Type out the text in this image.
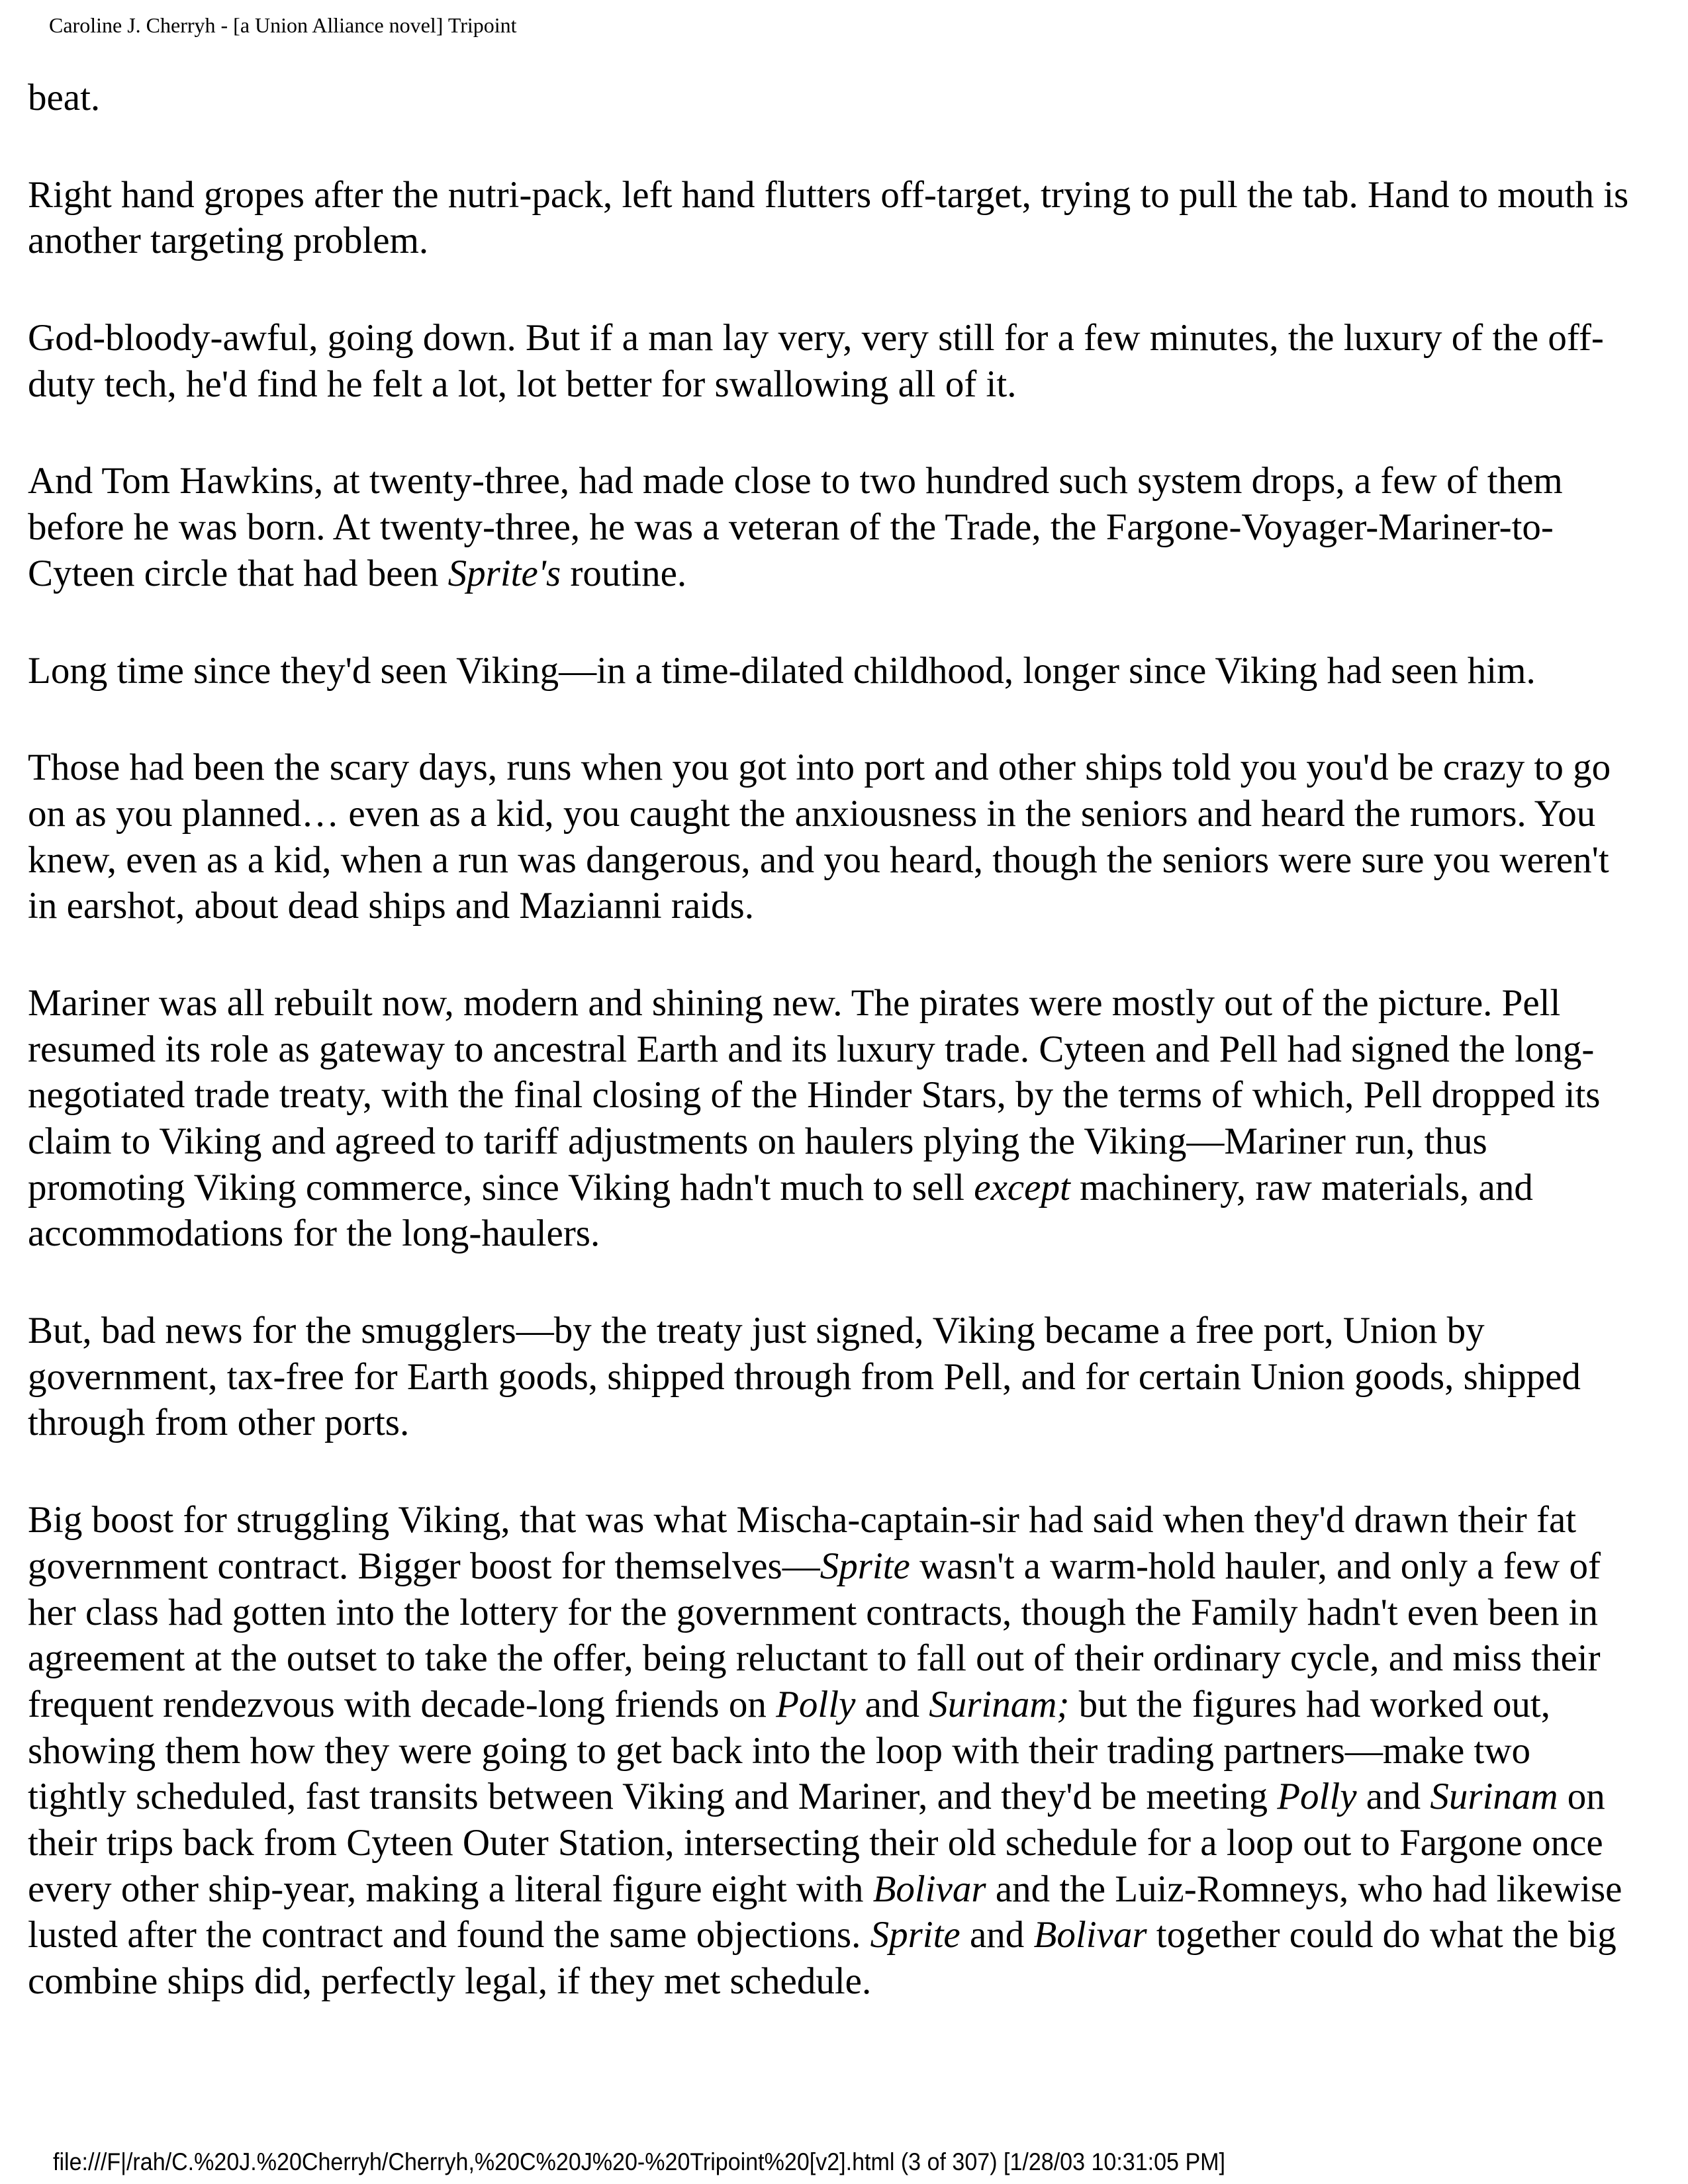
Caroline J. Cherryh - [a Union Alliance novel] Tripoint

beat.

Right hand gropes after the nutri-pack, left hand flutters off-target, trying to pull the tab. Hand to mouth is
another targeting problem.

God-bloody-awful, going down. But if a man lay very, very still for a few minutes, the luxury of the off-
duty tech, he'd find he felt a lot, lot better for swallowing all of it.

And Tom Hawkins, at twenty-three, had made close to two hundred such system drops, a few of them
before he was born. At twenty-three, he was a veteran of the Trade, the Fargone-Voyager-Mariner-to-
Cyteen circle that had been Sprite's routine.

Long time since they'd seen Viking—in a time-dilated childhood, longer since Viking had seen him.

Those had been the scary days, runs when you got into port and other ships told you you'd be crazy to go
on as you planned… even as a kid, you caught the anxiousness in the seniors and heard the rumors. You
knew, even as a kid, when a run was dangerous, and you heard, though the seniors were sure you weren't
in earshot, about dead ships and Mazianni raids.

Mariner was all rebuilt now, modern and shining new. The pirates were mostly out of the picture. Pell
resumed its role as gateway to ancestral Earth and its luxury trade. Cyteen and Pell had signed the long-
negotiated trade treaty, with the final closing of the Hinder Stars, by the terms of which, Pell dropped its
claim to Viking and agreed to tariff adjustments on haulers plying the Viking—Mariner run, thus
promoting Viking commerce, since Viking hadn't much to sell except machinery, raw materials, and
accommodations for the long-haulers.

But, bad news for the smugglers—by the treaty just signed, Viking became a free port, Union by
government, tax-free for Earth goods, shipped through from Pell, and for certain Union goods, shipped
through from other ports.

Big boost for struggling Viking, that was what Mischa-captain-sir had said when they'd drawn their fat
government contract. Bigger boost for themselves—Sprite wasn't a warm-hold hauler, and only a few of
her class had gotten into the lottery for the government contracts, though the Family hadn't even been in
agreement at the outset to take the offer, being reluctant to fall out of their ordinary cycle, and miss their
frequent rendezvous with decade-long friends on Polly and Surinam; but the figures had worked out,
showing them how they were going to get back into the loop with their trading partners—make two
tightly scheduled, fast transits between Viking and Mariner, and they'd be meeting Polly and Surinam on
their trips back from Cyteen Outer Station, intersecting their old schedule for a loop out to Fargone once
every other ship-year, making a literal figure eight with Bolivar and the Luiz-Romneys, who had likewise
lusted after the contract and found the same objections. Sprite and Bolivar together could do what the big
combine ships did, perfectly legal, if they met schedule.

file:///F|/rah/C.%20J.%20Cherryh/Cherryh,%20C%20J%20-%20Tripoint%20[v2].html (3 of 307) [1/28/03 10:31:05 PM]
